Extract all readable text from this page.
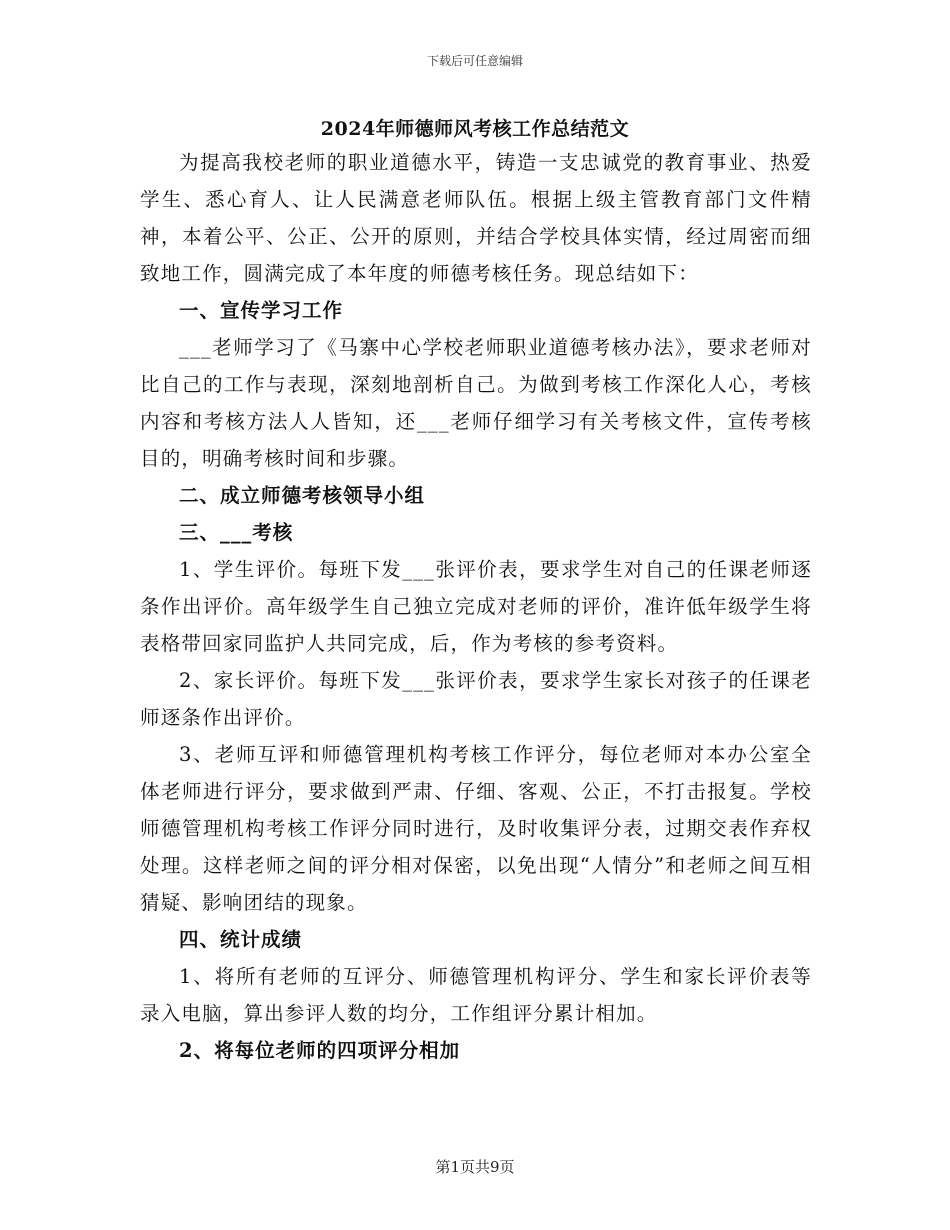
下载后可任意编辑
2024年师德师风考核工作总结范文

为提高我校老师的职业道德水平，铸造一支忠诚党的教育事业、热爱学生、悉心育人、让人民满意老师队伍。根据上级主管教育部门文件精神，本着公平、公正、公开的原则，并结合学校具体实情，经过周密而细致地工作，圆满完成了本年度的师德考核任务。现总结如下：

一、宣传学习工作

___老师学习了《马寨中心学校老师职业道德考核办法》，要求老师对比自己的工作与表现，深刻地剖析自己。为做到考核工作深化人心，考核内容和考核方法人人皆知，还___老师仔细学习有关考核文件，宣传考核目的，明确考核时间和步骤。

二、成立师德考核领导小组

三、___考核

1、学生评价。每班下发___张评价表，要求学生对自己的任课老师逐条作出评价。高年级学生自己独立完成对老师的评价，准许低年级学生将表格带回家同监护人共同完成，后，作为考核的参考资料。

2、家长评价。每班下发___张评价表，要求学生家长对孩子的任课老师逐条作出评价。

3、老师互评和师德管理机构考核工作评分，每位老师对本办公室全体老师进行评分，要求做到严肃、仔细、客观、公正，不打击报复。学校师德管理机构考核工作评分同时进行，及时收集评分表，过期交表作弃权处理。这样老师之间的评分相对保密，以免出现“人情分”和老师之间互相猜疑、影响团结的现象。

四、统计成绩

1、将所有老师的互评分、师德管理机构评分、学生和家长评价表等录入电脑，算出参评人数的均分，工作组评分累计相加。

2、将每位老师的四项评分相加

第1页共9页
